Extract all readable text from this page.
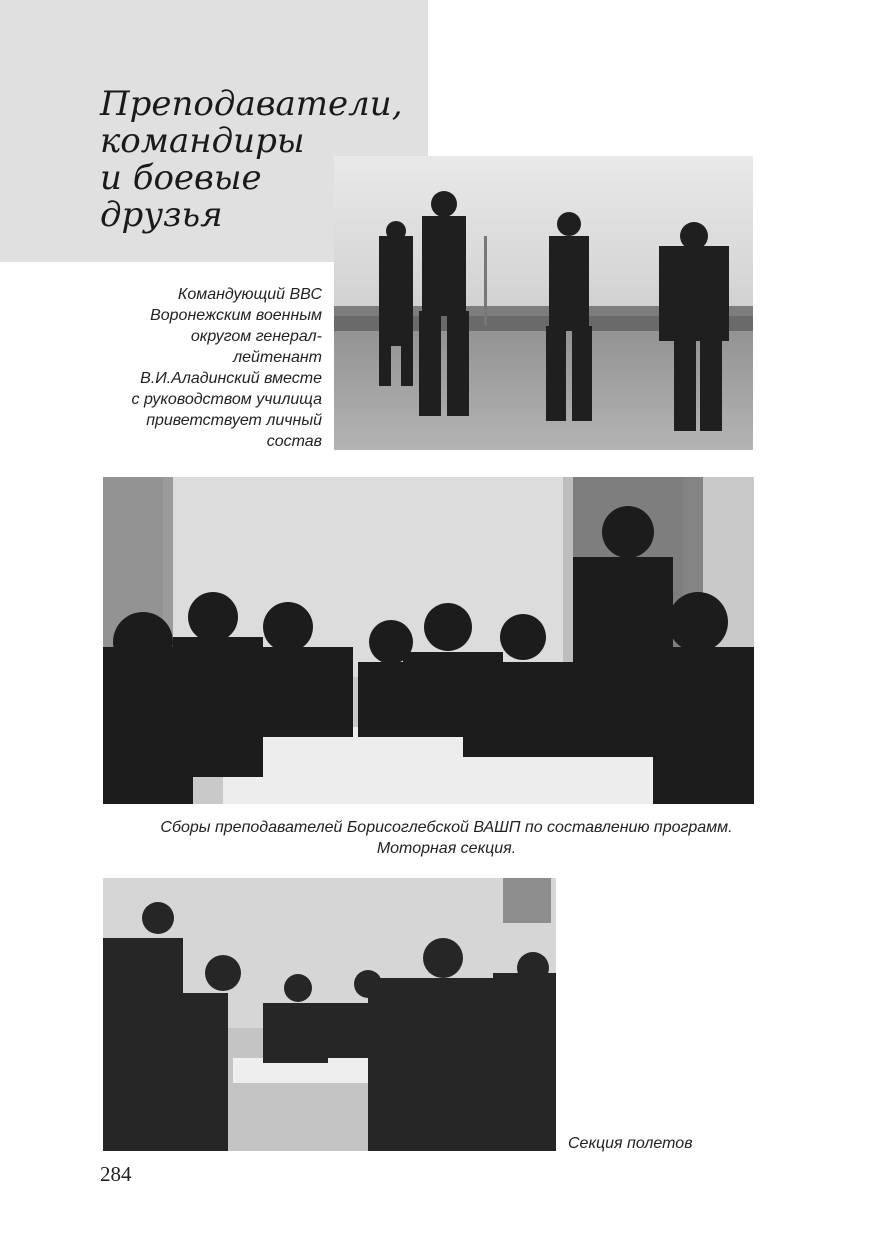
Преподаватели,
командиры
и боевые
друзья
Командующий ВВС
Воронежским военным
округом генерал-
лейтенант
В.И.Аладинский вместе
с руководством училища
приветствует личный
состав
Сборы преподавателей Борисоглебской ВАШП по составлению программ.
Моторная секция.
Секция полетов
284
